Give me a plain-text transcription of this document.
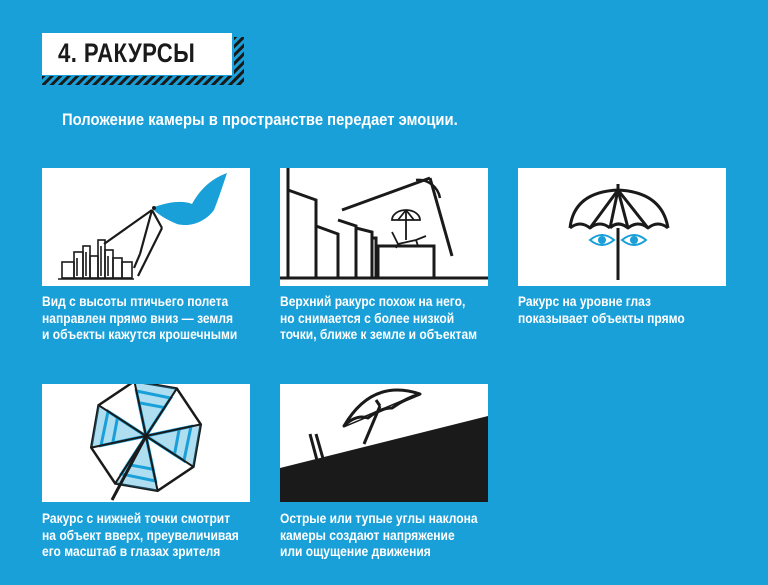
4. РАКУРСЫ
Положение камеры в пространстве передает эмоции.
Вид с высоты птичьего полета
направлен прямо вниз — земля
и объекты кажутся крошечными
Верхний ракурс похож на него,
но снимается с более низкой
точки, ближе к земле и объектам
Ракурс на уровне глаз
показывает объекты прямо
Ракурс с нижней точки смотрит
на объект вверх, преувеличивая
его масштаб в глазах зрителя
Острые или тупые углы наклона
камеры создают напряжение
или ощущение движения
